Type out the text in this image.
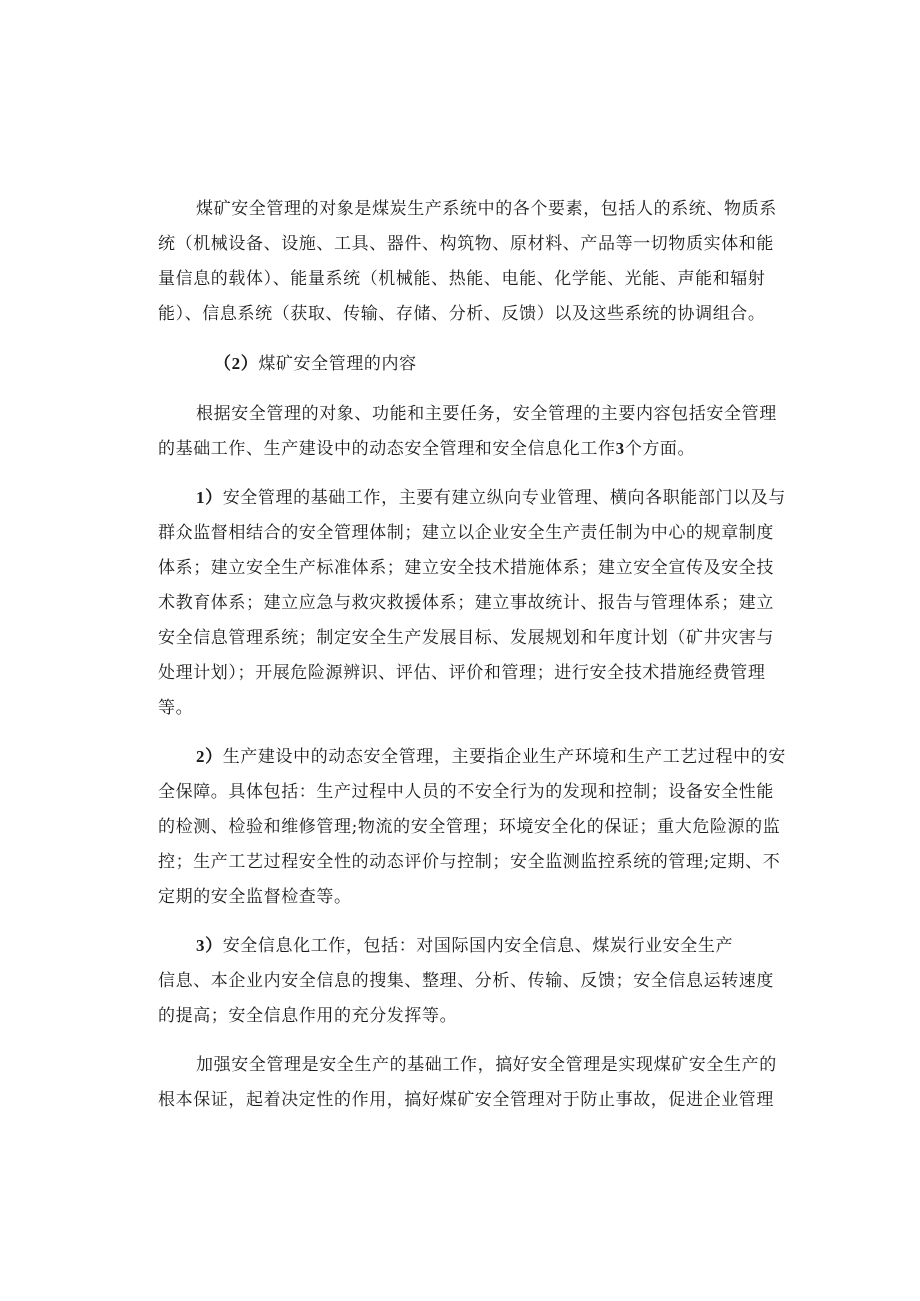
煤矿安全管理的对象是煤炭生产系统中的各个要素，包括人的系统、物质系
统（机械设备、设施、工具、器件、构筑物、原材料、产品等一切物质实体和能
量信息的载体）、能量系统（机械能、热能、电能、化学能、光能、声能和辐射
能）、信息系统（获取、传输、存储、分析、反馈）以及这些系统的协调组合。
（2）煤矿安全管理的内容
根据安全管理的对象、功能和主要任务，安全管理的主要内容包括安全管理
的基础工作、生产建设中的动态安全管理和安全信息化工作3个方面。
1）安全管理的基础工作，主要有建立纵向专业管理、横向各职能部门以及与
群众监督相结合的安全管理体制；建立以企业安全生产责任制为中心的规章制度
体系；建立安全生产标准体系；建立安全技术措施体系；建立安全宣传及安全技
术教育体系；建立应急与救灾救援体系；建立事故统计、报告与管理体系；建立
安全信息管理系统；制定安全生产发展目标、发展规划和年度计划（矿井灾害与
处理计划）；开展危险源辨识、评估、评价和管理；进行安全技术措施经费管理
等。
2）生产建设中的动态安全管理，主要指企业生产环境和生产工艺过程中的安
全保障。具体包括：生产过程中人员的不安全行为的发现和控制；设备安全性能
的检测、检验和维修管理;物流的安全管理；环境安全化的保证；重大危险源的监
控；生产工艺过程安全性的动态评价与控制；安全监测监控系统的管理;定期、不
定期的安全监督检查等。
3）安全信息化工作，包括：对国际国内安全信息、煤炭行业安全生产
信息、本企业内安全信息的搜集、整理、分析、传输、反馈；安全信息运转速度
的提高；安全信息作用的充分发挥等。
加强安全管理是安全生产的基础工作，搞好安全管理是实现煤矿安全生产的
根本保证，起着决定性的作用，搞好煤矿安全管理对于防止事故，促进企业管理
